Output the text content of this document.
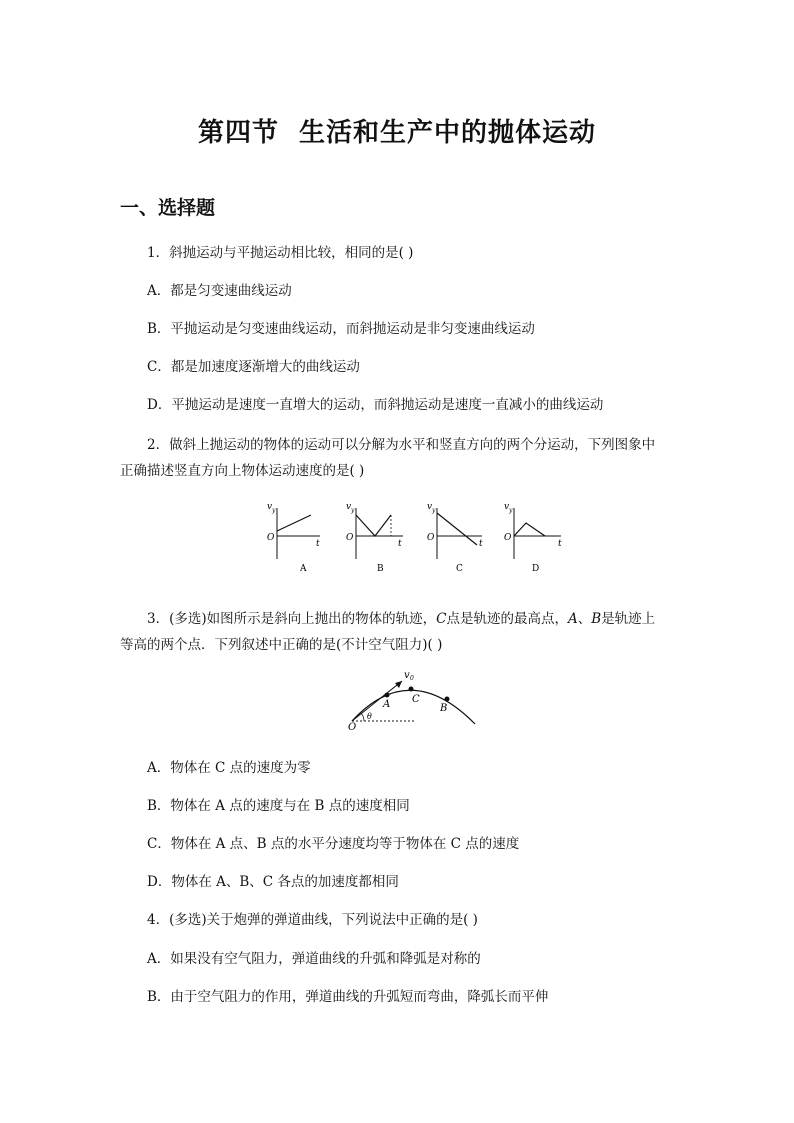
第四节  生活和生产中的抛体运动
一、选择题
1．斜抛运动与平抛运动相比较，相同的是( )
A．都是匀变速曲线运动
B．平抛运动是匀变速曲线运动，而斜抛运动是非匀变速曲线运动
C．都是加速度逐渐增大的曲线运动
D．平抛运动是速度一直增大的运动，而斜抛运动是速度一直减小的曲线运动
2．做斜上抛运动的物体的运动可以分解为水平和竖直方向的两个分运动，下列图象中
正确描述竖直方向上物体运动速度的是( )
v y
O
t
A
v y
O
t
B
v y
O
t
C
v y
O
t
D
3．(多选)如图所示是斜向上抛出的物体的轨迹，C点是轨迹的最高点，A、B是轨迹上
等高的两个点．下列叙述中正确的是(不计空气阻力)( )
v 0
O
θ
A C
B
A．物体在 C 点的速度为零
B．物体在 A 点的速度与在 B 点的速度相同
C．物体在 A 点、B 点的水平分速度均等于物体在 C 点的速度
D．物体在 A、B、C 各点的加速度都相同
4．(多选)关于炮弹的弹道曲线，下列说法中正确的是( )
A．如果没有空气阻力，弹道曲线的升弧和降弧是对称的
B．由于空气阻力的作用，弹道曲线的升弧短而弯曲，降弧长而平伸
